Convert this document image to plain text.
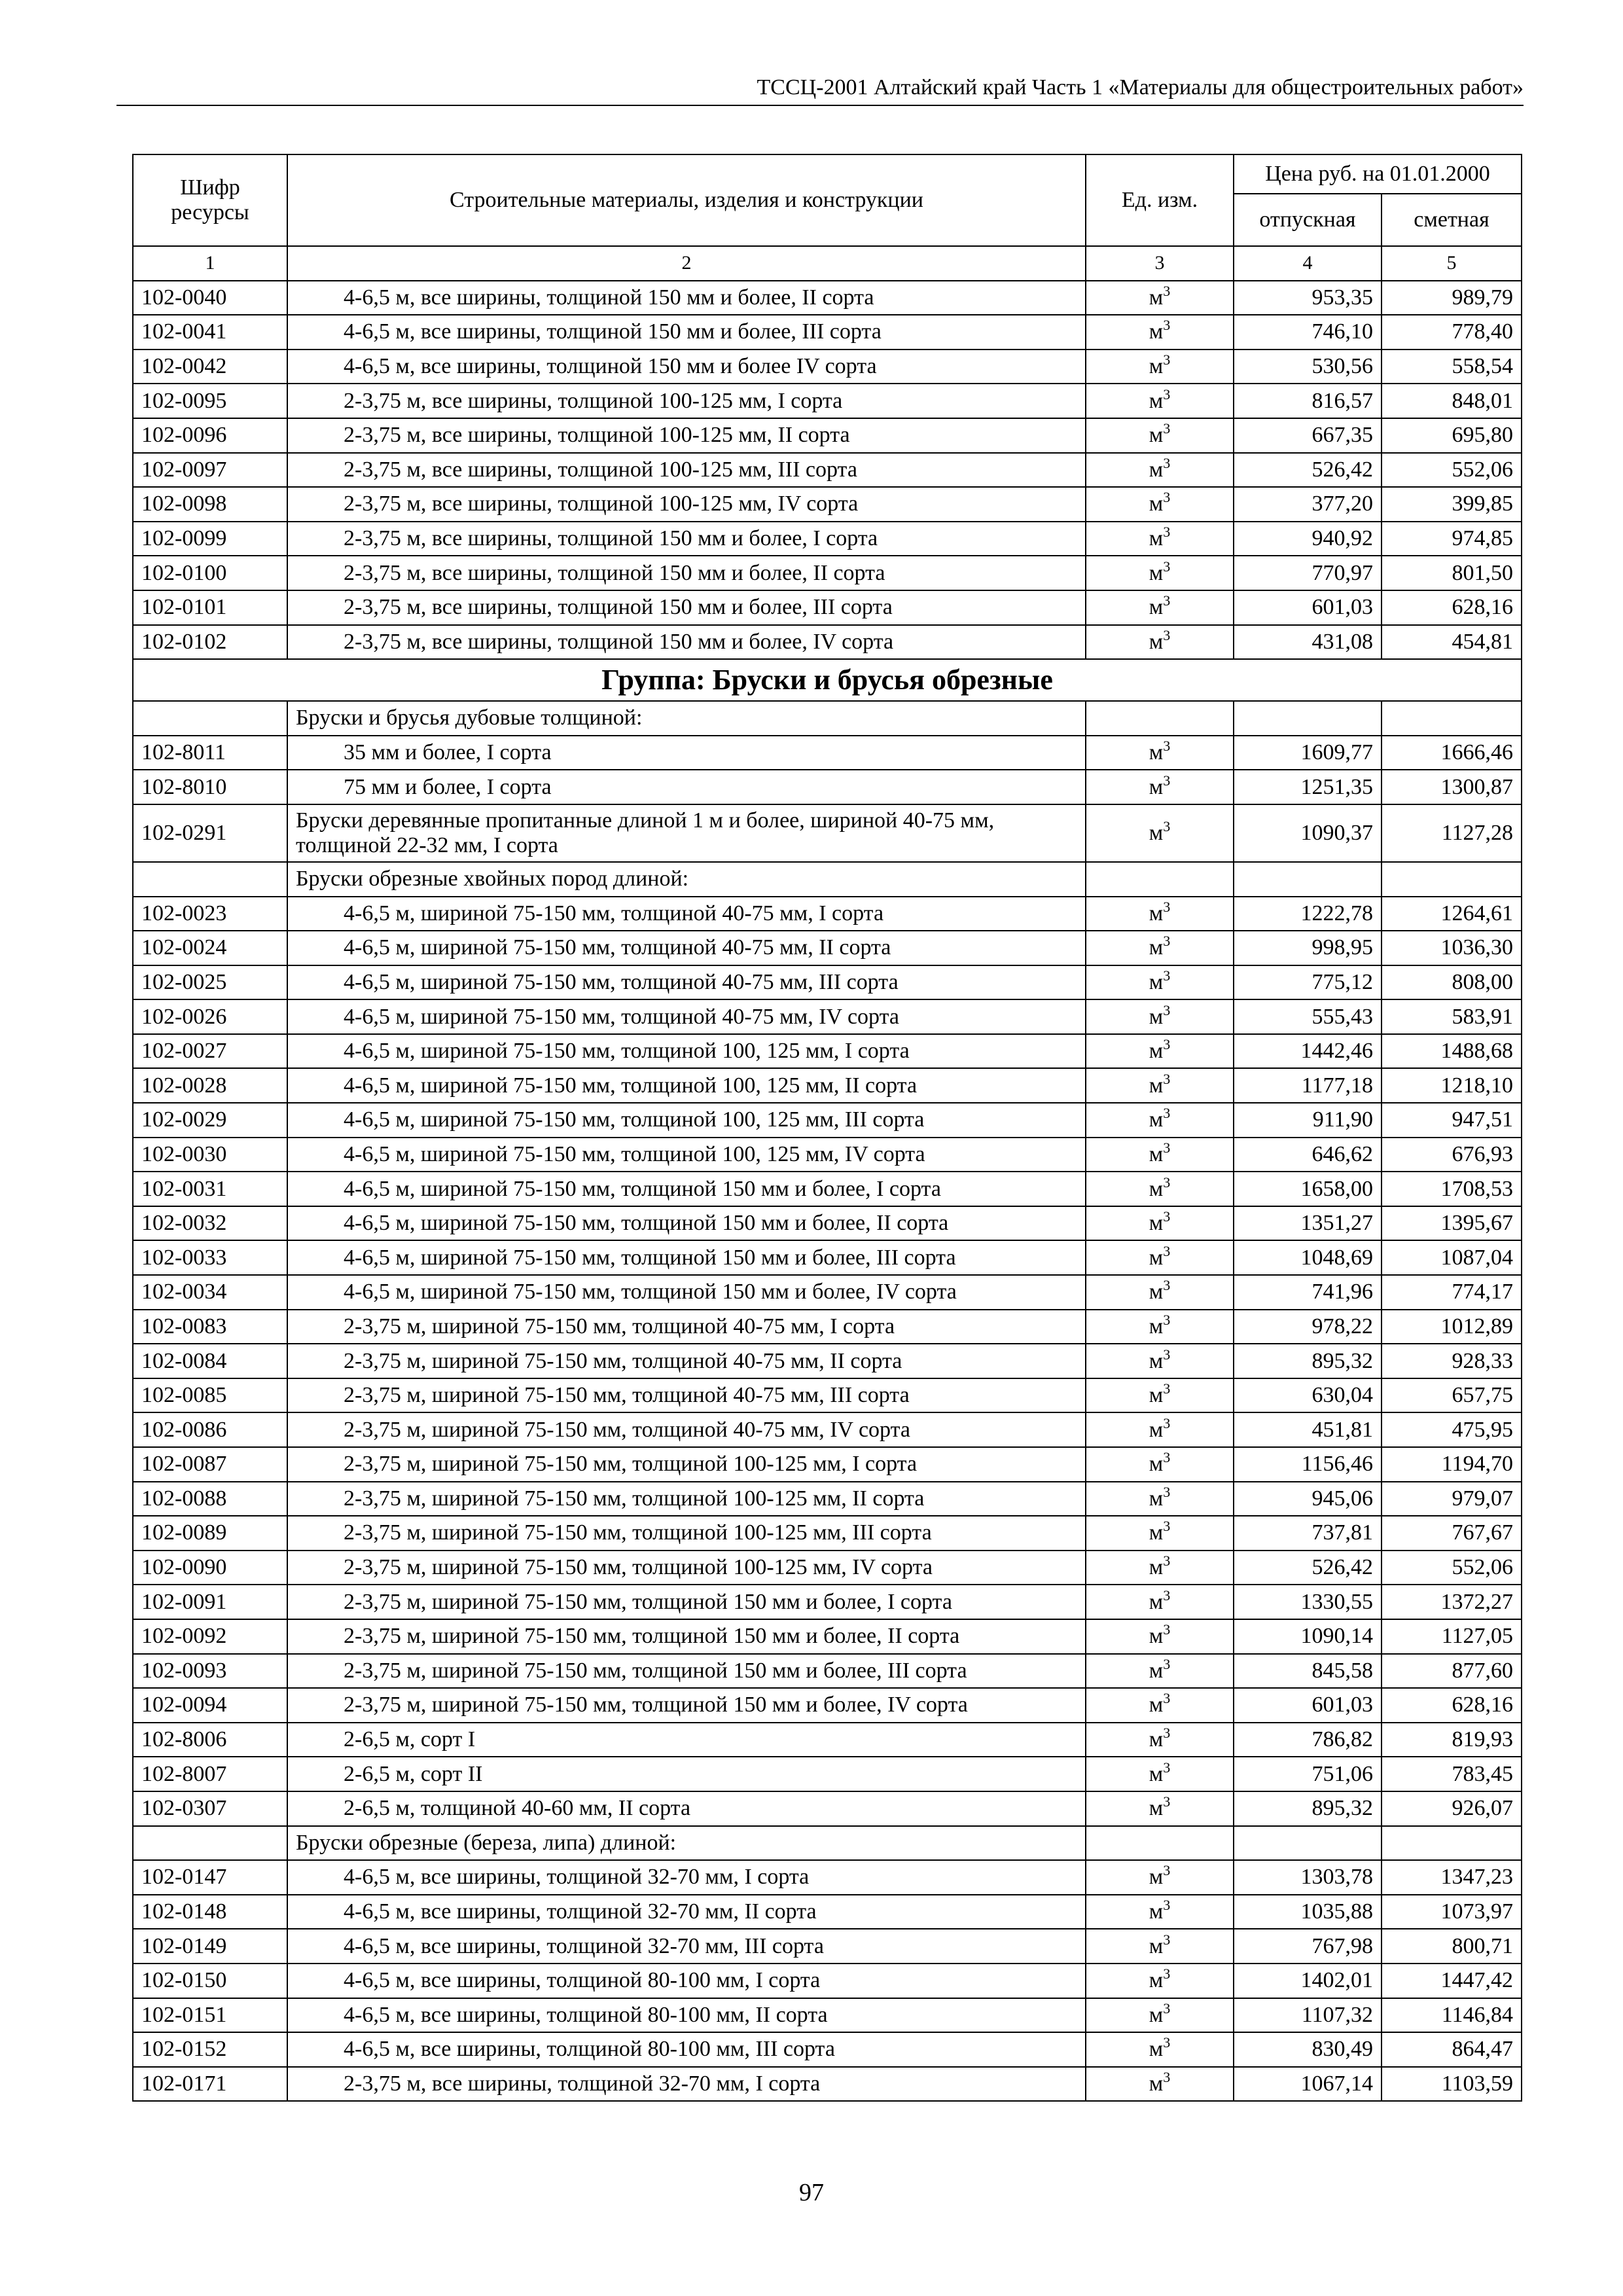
ТССЦ-2001 Алтайский край Часть 1 «Материалы для общестроительных работ»
Шифр ресурсы	Строительные материалы, изделия и конструкции	Ед. изм.	Цена руб. на 01.01.2000	
			отпускная	сметная
1	2	3	4	5
102-0040	4-6,5 м, все ширины, толщиной 150 мм и более, II сорта	$м^3$	953,35	989,79
102-0041	4-6,5 м, все ширины, толщиной 150 мм и более, III сорта	$м^3$	746,10	778,40
102-0042	4-6,5 м, все ширины, толщиной 150 мм и более IV сорта	$м^3$	530,56	558,54
102-0095	2-3,75 м, все ширины, толщиной 100-125 мм, I сорта	$м^3$	816,57	848,01
102-0096	2-3,75 м, все ширины, толщиной 100-125 мм, II сорта	$м^3$	667,35	695,80
102-0097	2-3,75 м, все ширины, толщиной 100-125 мм, III сорта	$м^3$	526,42	552,06
102-0098	2-3,75 м, все ширины, толщиной 100-125 мм, IV сорта	$м^3$	377,20	399,85
102-0099	2-3,75 м, все ширины, толщиной 150 мм и более, I сорта	$м^3$	940,92	974,85
102-0100	2-3,75 м, все ширины, толщиной 150 мм и более, II сорта	$м^3$	770,97	801,50
102-0101	2-3,75 м, все ширины, толщиной 150 мм и более, III сорта	$м^3$	601,03	628,16
102-0102	2-3,75 м, все ширины, толщиной 150 мм и более, IV сорта	$м^3$	431,08	454,81
Группа: Бруски и брусья обрезные				
	Бруски и брусья дубовые толщиной:			
102-8011	35 мм и более, I сорта	$м^3$	1609,77	1666,46
102-8010	75 мм и более, I сорта	$м^3$	1251,35	1300,87
102-0291	Бруски деревянные пропитанные длиной 1 м и более, шириной 40-75 мм, толщиной 22-32 мм, I сорта	$м^3$	1090,37	1127,28
	Бруски обрезные хвойных пород длиной:			
102-0023	4-6,5 м, шириной 75-150 мм, толщиной 40-75 мм, I сорта	$м^3$	1222,78	1264,61
102-0024	4-6,5 м, шириной 75-150 мм, толщиной 40-75 мм, II сорта	$м^3$	998,95	1036,30
102-0025	4-6,5 м, шириной 75-150 мм, толщиной 40-75 мм, III сорта	$м^3$	775,12	808,00
102-0026	4-6,5 м, шириной 75-150 мм, толщиной 40-75 мм, IV сорта	$м^3$	555,43	583,91
102-0027	4-6,5 м, шириной 75-150 мм, толщиной 100, 125 мм, I сорта	$м^3$	1442,46	1488,68
102-0028	4-6,5 м, шириной 75-150 мм, толщиной 100, 125 мм, II сорта	$м^3$	1177,18	1218,10
102-0029	4-6,5 м, шириной 75-150 мм, толщиной 100, 125 мм, III сорта	$м^3$	911,90	947,51
102-0030	4-6,5 м, шириной 75-150 мм, толщиной 100, 125 мм, IV сорта	$м^3$	646,62	676,93
102-0031	4-6,5 м, шириной 75-150 мм, толщиной 150 мм и более, I сорта	$м^3$	1658,00	1708,53
102-0032	4-6,5 м, шириной 75-150 мм, толщиной 150 мм и более, II сорта	$м^3$	1351,27	1395,67
102-0033	4-6,5 м, шириной 75-150 мм, толщиной 150 мм и более, III сорта	$м^3$	1048,69	1087,04
102-0034	4-6,5 м, шириной 75-150 мм, толщиной 150 мм и более, IV сорта	$м^3$	741,96	774,17
102-0083	2-3,75 м, шириной 75-150 мм, толщиной 40-75 мм, I сорта	$м^3$	978,22	1012,89
102-0084	2-3,75 м, шириной 75-150 мм, толщиной 40-75 мм, II сорта	$м^3$	895,32	928,33
102-0085	2-3,75 м, шириной 75-150 мм, толщиной 40-75 мм, III сорта	$м^3$	630,04	657,75
102-0086	2-3,75 м, шириной 75-150 мм, толщиной 40-75 мм, IV сорта	$м^3$	451,81	475,95
102-0087	2-3,75 м, шириной 75-150 мм, толщиной 100-125 мм, I сорта	$м^3$	1156,46	1194,70
102-0088	2-3,75 м, шириной 75-150 мм, толщиной 100-125 мм, II сорта	$м^3$	945,06	979,07
102-0089	2-3,75 м, шириной 75-150 мм, толщиной 100-125 мм, III сорта	$м^3$	737,81	767,67
102-0090	2-3,75 м, шириной 75-150 мм, толщиной 100-125 мм, IV сорта	$м^3$	526,42	552,06
102-0091	2-3,75 м, шириной 75-150 мм, толщиной 150 мм и более, I сорта	$м^3$	1330,55	1372,27
102-0092	2-3,75 м, шириной 75-150 мм, толщиной 150 мм и более, II сорта	$м^3$	1090,14	1127,05
102-0093	2-3,75 м, шириной 75-150 мм, толщиной 150 мм и более, III сорта	$м^3$	845,58	877,60
102-0094	2-3,75 м, шириной 75-150 мм, толщиной 150 мм и более, IV сорта	$м^3$	601,03	628,16
102-8006	2-6,5 м, сорт I	$м^3$	786,82	819,93
102-8007	2-6,5 м, сорт II	$м^3$	751,06	783,45
102-0307	2-6,5 м, толщиной 40-60 мм, II сорта	$м^3$	895,32	926,07
	Бруски обрезные (береза, липа) длиной:			
102-0147	4-6,5 м, все ширины, толщиной 32-70 мм, I сорта	$м^3$	1303,78	1347,23
102-0148	4-6,5 м, все ширины, толщиной 32-70 мм, II сорта	$м^3$	1035,88	1073,97
102-0149	4-6,5 м, все ширины, толщиной 32-70 мм, III сорта	$м^3$	767,98	800,71
102-0150	4-6,5 м, все ширины, толщиной 80-100 мм, I сорта	$м^3$	1402,01	1447,42
102-0151	4-6,5 м, все ширины, толщиной 80-100 мм, II сорта	$м^3$	1107,32	1146,84
102-0152	4-6,5 м, все ширины, толщиной 80-100 мм, III сорта	$м^3$	830,49	864,47
102-0171	2-3,75 м, все ширины, толщиной 32-70 мм, I сорта	$м^3$	1067,14	1103,59
97
